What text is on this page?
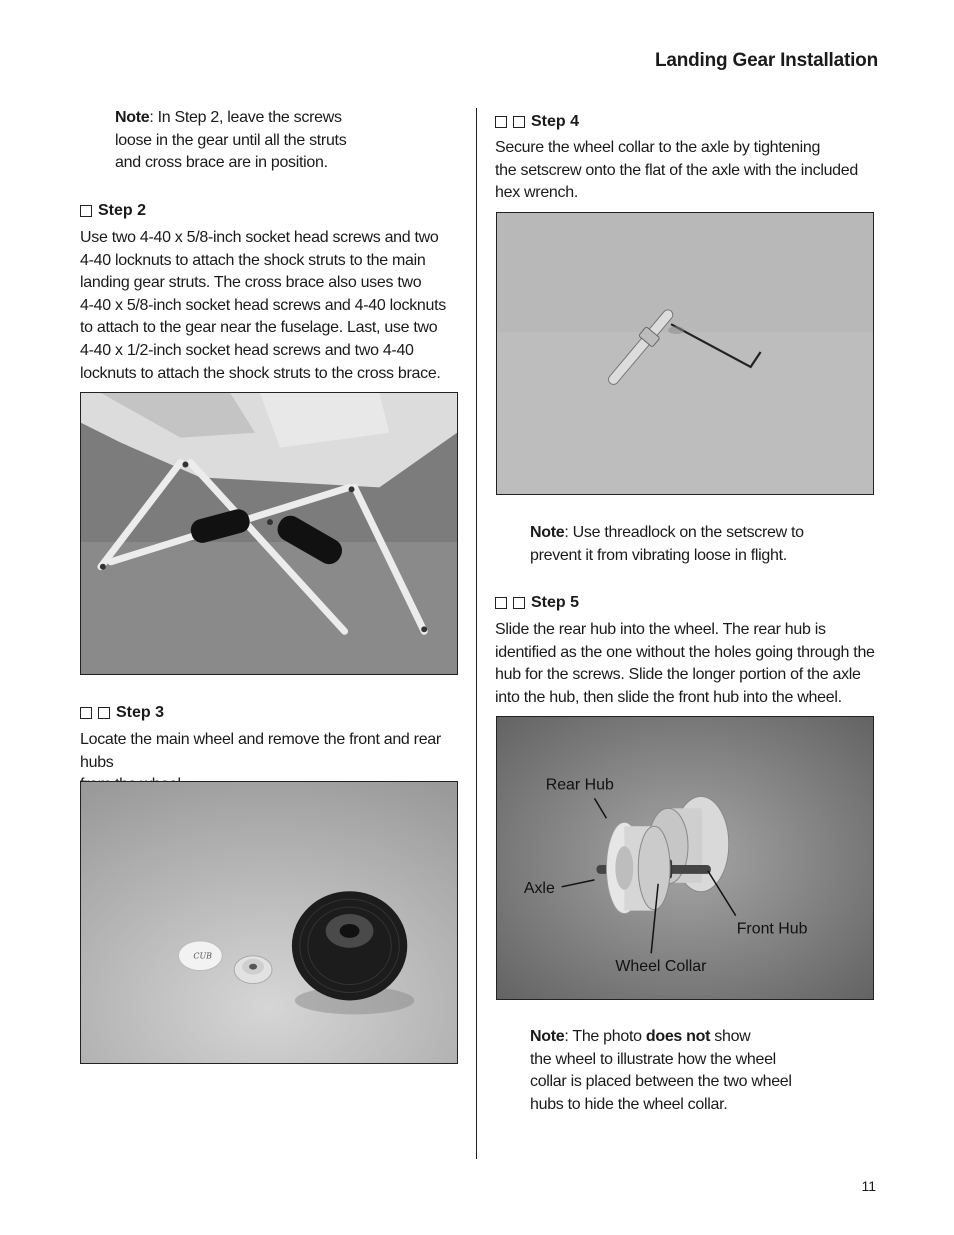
Landing Gear Installation
Note: In Step 2, leave the screws
loose in the gear until all the struts
and cross brace are in position.
Step 2
Use two 4-40 x 5/8-inch socket head screws and two
4-40 locknuts to attach the shock struts to the main
landing gear struts. The cross brace also uses two
4-40 x 5/8-inch socket head screws and 4-40 locknuts
to attach to the gear near the fuselage. Last, use two
4-40 x 1/2-inch socket head screws and two 4-40
locknuts to attach the shock struts to the cross brace.
Step 3
Locate the main wheel and remove the front and rear hubs
CUB
Step 4
Secure the wheel collar to the axle by tightening
the setscrew onto the flat of the axle with the included
hex wrench.
Note: Use threadlock on the setscrew to
prevent it from vibrating loose in flight.
Step 5
Slide the rear hub into the wheel. The rear hub is
identified as the one without the holes going through the
hub for the screws. Slide the longer portion of the axle
into the hub, then slide the front hub into the wheel.
Rear Hub
Axle
Front Hub
Wheel Collar
Note: The photo does not show
the wheel to illustrate how the wheel
collar is placed between the two wheel
hubs to hide the wheel collar.
11
